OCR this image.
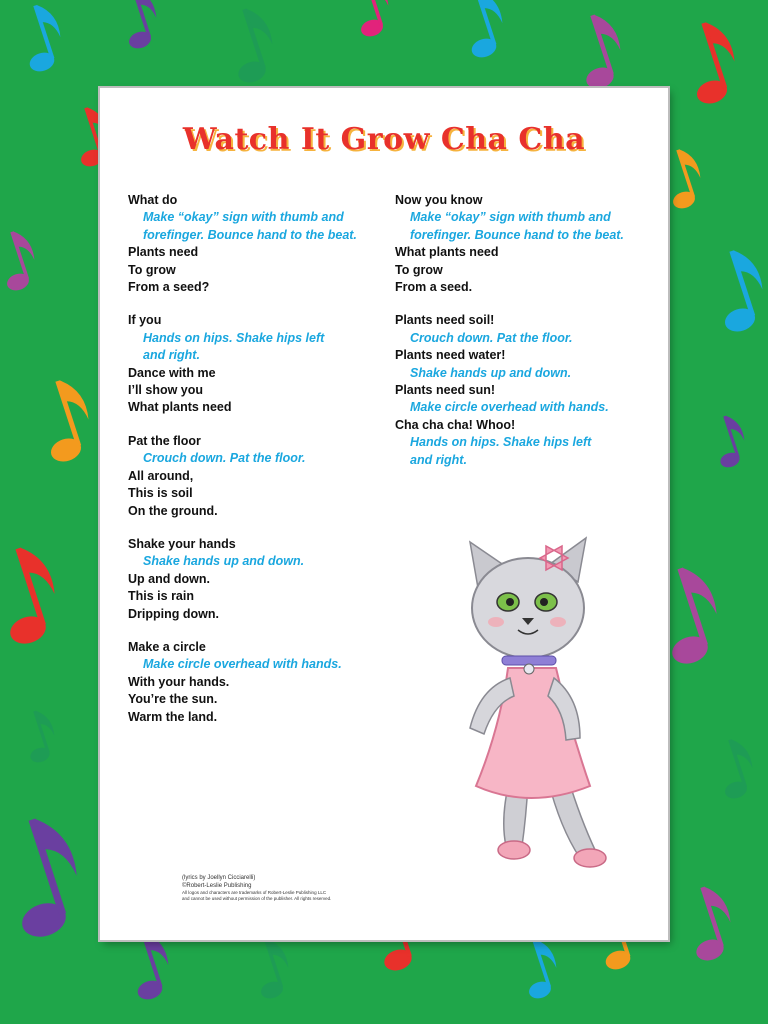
Watch It Grow Cha Cha
What do
Make “okay” sign with thumb and
forefinger. Bounce hand to the beat.
Plants need
To grow
From a seed?
If you
Hands on hips. Shake hips left
and right.
Dance with me
I’ll show you
What plants need
Pat the floor
Crouch down. Pat the floor.
All around,
This is soil
On the ground.
Shake your hands
Shake hands up and down.
Up and down.
This is rain
Dripping down.
Make a circle
Make circle overhead with hands.
With your hands.
You’re the sun.
Warm the land.
Now you know
Make “okay” sign with thumb and
forefinger. Bounce hand to the beat.
What plants need
To grow
From a seed.
Plants need soil!
Crouch down. Pat the floor.
Plants need water!
Shake hands up and down.
Plants need sun!
Make circle overhead with hands.
Cha cha cha! Whoo!
Hands on hips. Shake hips left
and right.
(lyrics by Joellyn Cicciarelli)
©Robert-Leslie Publishing
All logos and characters are trademarks of Robert-Leslie Publishing LLC
and cannot be used without permission of the publisher. All rights reserved.
